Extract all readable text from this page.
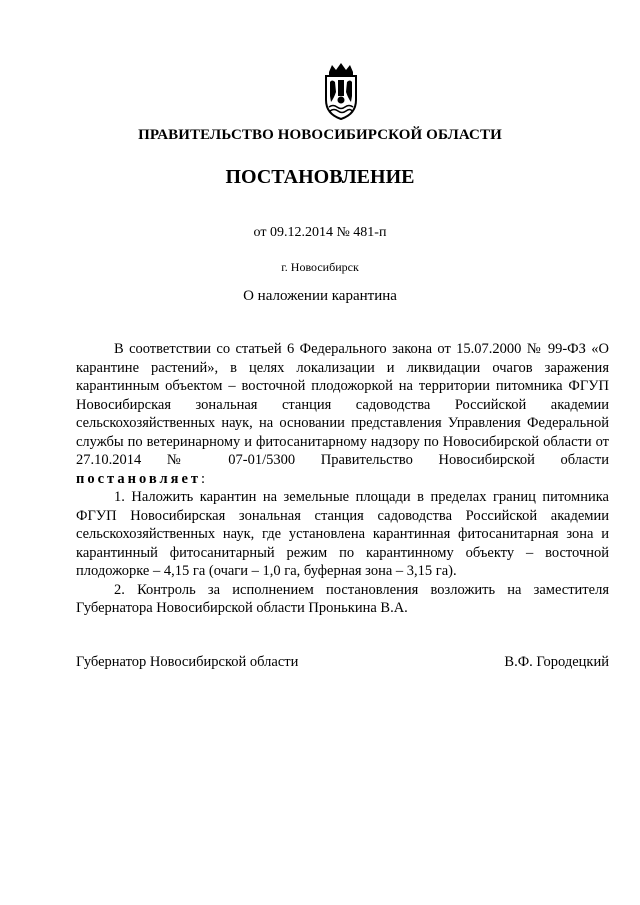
ПРАВИТЕЛЬСТВО НОВОСИБИРСКОЙ ОБЛАСТИ
ПОСТАНОВЛЕНИЕ
от 09.12.2014 № 481-п
г. Новосибирск
О наложении карантина

В соответствии со статьей 6 Федерального закона от 15.07.2000 № 99-ФЗ «О карантине растений», в целях локализации и ликвидации очагов заражения карантинным объектом – восточной плодожоркой на территории питомника ФГУП Новосибирская зональная станция садоводства Российской академии сельскохозяйственных наук, на основании представления Управления Федеральной службы по ветеринарному и фитосанитарному надзору по Новосибирской области от 27.10.2014 № 07-01/5300 Правительство Новосибирской области постановляет:

1. Наложить карантин на земельные площади в пределах границ питомника ФГУП Новосибирская зональная станция садоводства Российской академии сельскохозяйственных наук, где установлена карантинная фитосанитарная зона и карантинный фитосанитарный режим по карантинному объекту – восточной плодожорке – 4,15 га (очаги – 1,0 га, буферная зона – 3,15 га).

2. Контроль за исполнением постановления возложить на заместителя Губернатора Новосибирской области Пронькина В.А.

Губернатор Новосибирской области	В.Ф. Городецкий
